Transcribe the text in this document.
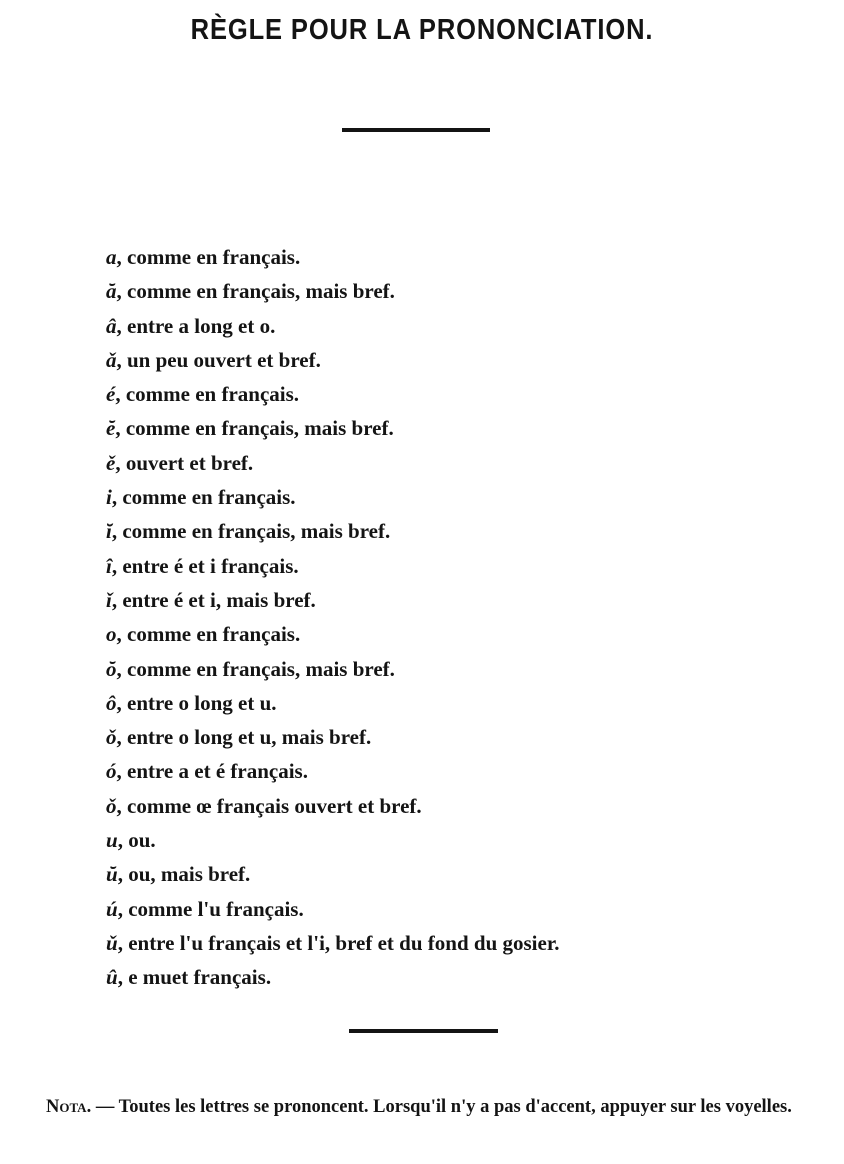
RÈGLE POUR LA PRONONCIATION.
a, comme en français.
ă, comme en français, mais bref.
â, entre a long et o.
ǎ, un peu ouvert et bref.
é, comme en français.
ĕ, comme en français, mais bref.
ě, ouvert et bref.
i, comme en français.
ĭ, comme en français, mais bref.
î, entre é et i français.
ǐ, entre é et i, mais bref.
o, comme en français.
ŏ, comme en français, mais bref.
ô, entre o long et u.
ǒ, entre o long et u, mais bref.
ó, entre a et é français.
ǒ, comme œ français ouvert et bref.
u, ou.
ŭ, ou, mais bref.
ú, comme l'u français.
ǔ, entre l'u français et l'i, bref et du fond du gosier.
û, e muet français.
Nota. — Toutes les lettres se prononcent. Lorsqu'il n'y a pas d'accent, appuyer sur les voyelles.
